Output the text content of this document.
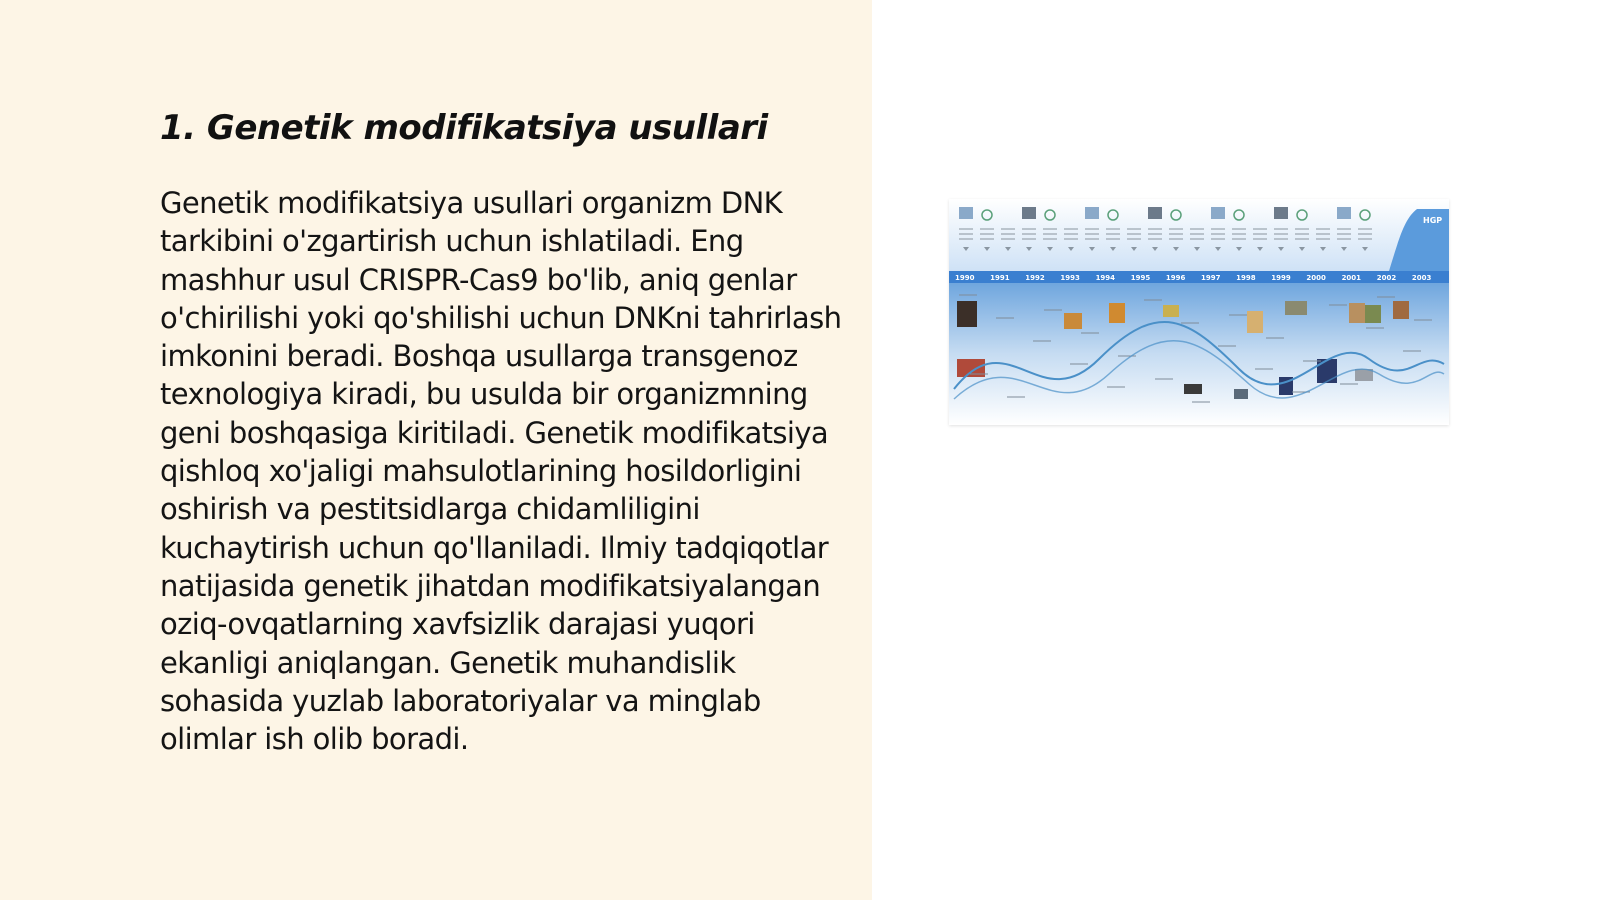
1. Genetik modifikatsiya usullari

Genetik modifikatsiya usullari organizm DNK tarkibini o'zgartirish uchun ishlatiladi. Eng mashhur usul CRISPR-Cas9 bo'lib, aniq genlar o'chirilishi yoki qo'shilishi uchun DNKni tahrirlash imkonini beradi. Boshqa usullarga transgenoz texnologiya kiradi, bu usulda bir organizmning geni boshqasiga kiritiladi. Genetik modifikatsiya qishloq xo'jaligi mahsulotlarining hosildorligini oshirish va pestitsidlarga chidamliligini kuchaytirish uchun qo'llaniladi. Ilmiy tadqiqotlar natijasida genetik jihatdan modifikatsiyalangan oziq-ovqatlarning xavfsizlik darajasi yuqori ekanligi aniqlangan. Genetik muhandislik sohasida yuzlab laboratoriyalar va minglab olimlar ish olib boradi.

HGP
1990 1991 1992 1993 1994 1995 1996 1997 1998 1999 2000 2001 2002 2003
